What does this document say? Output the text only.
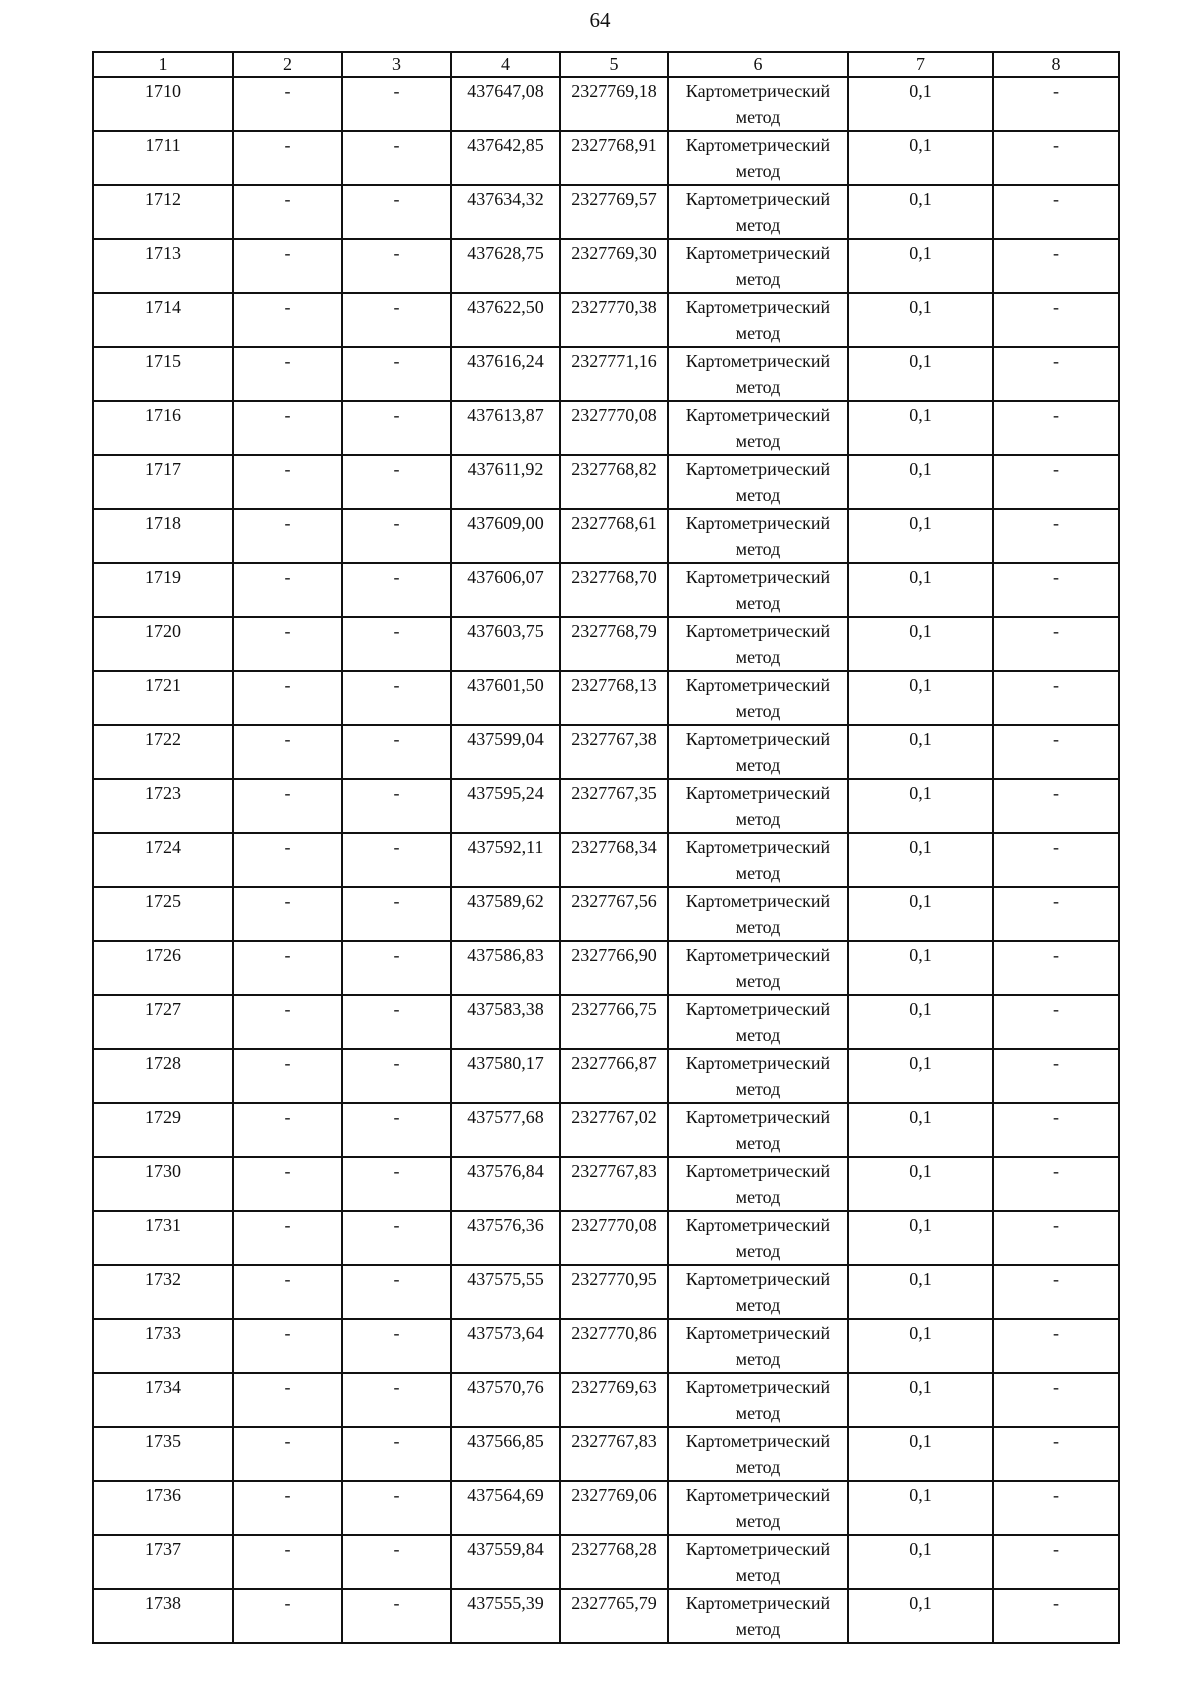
64
1	2	3	4	5	6	7	8
1710	-	-	437647,08	2327769,18	Картометрический метод	0,1	-
1711	-	-	437642,85	2327768,91	Картометрический метод	0,1	-
1712	-	-	437634,32	2327769,57	Картометрический метод	0,1	-
1713	-	-	437628,75	2327769,30	Картометрический метод	0,1	-
1714	-	-	437622,50	2327770,38	Картометрический метод	0,1	-
1715	-	-	437616,24	2327771,16	Картометрический метод	0,1	-
1716	-	-	437613,87	2327770,08	Картометрический метод	0,1	-
1717	-	-	437611,92	2327768,82	Картометрический метод	0,1	-
1718	-	-	437609,00	2327768,61	Картометрический метод	0,1	-
1719	-	-	437606,07	2327768,70	Картометрический метод	0,1	-
1720	-	-	437603,75	2327768,79	Картометрический метод	0,1	-
1721	-	-	437601,50	2327768,13	Картометрический метод	0,1	-
1722	-	-	437599,04	2327767,38	Картометрический метод	0,1	-
1723	-	-	437595,24	2327767,35	Картометрический метод	0,1	-
1724	-	-	437592,11	2327768,34	Картометрический метод	0,1	-
1725	-	-	437589,62	2327767,56	Картометрический метод	0,1	-
1726	-	-	437586,83	2327766,90	Картометрический метод	0,1	-
1727	-	-	437583,38	2327766,75	Картометрический метод	0,1	-
1728	-	-	437580,17	2327766,87	Картометрический метод	0,1	-
1729	-	-	437577,68	2327767,02	Картометрический метод	0,1	-
1730	-	-	437576,84	2327767,83	Картометрический метод	0,1	-
1731	-	-	437576,36	2327770,08	Картометрический метод	0,1	-
1732	-	-	437575,55	2327770,95	Картометрический метод	0,1	-
1733	-	-	437573,64	2327770,86	Картометрический метод	0,1	-
1734	-	-	437570,76	2327769,63	Картометрический метод	0,1	-
1735	-	-	437566,85	2327767,83	Картометрический метод	0,1	-
1736	-	-	437564,69	2327769,06	Картометрический метод	0,1	-
1737	-	-	437559,84	2327768,28	Картометрический метод	0,1	-
1738	-	-	437555,39	2327765,79	Картометрический метод	0,1	-
